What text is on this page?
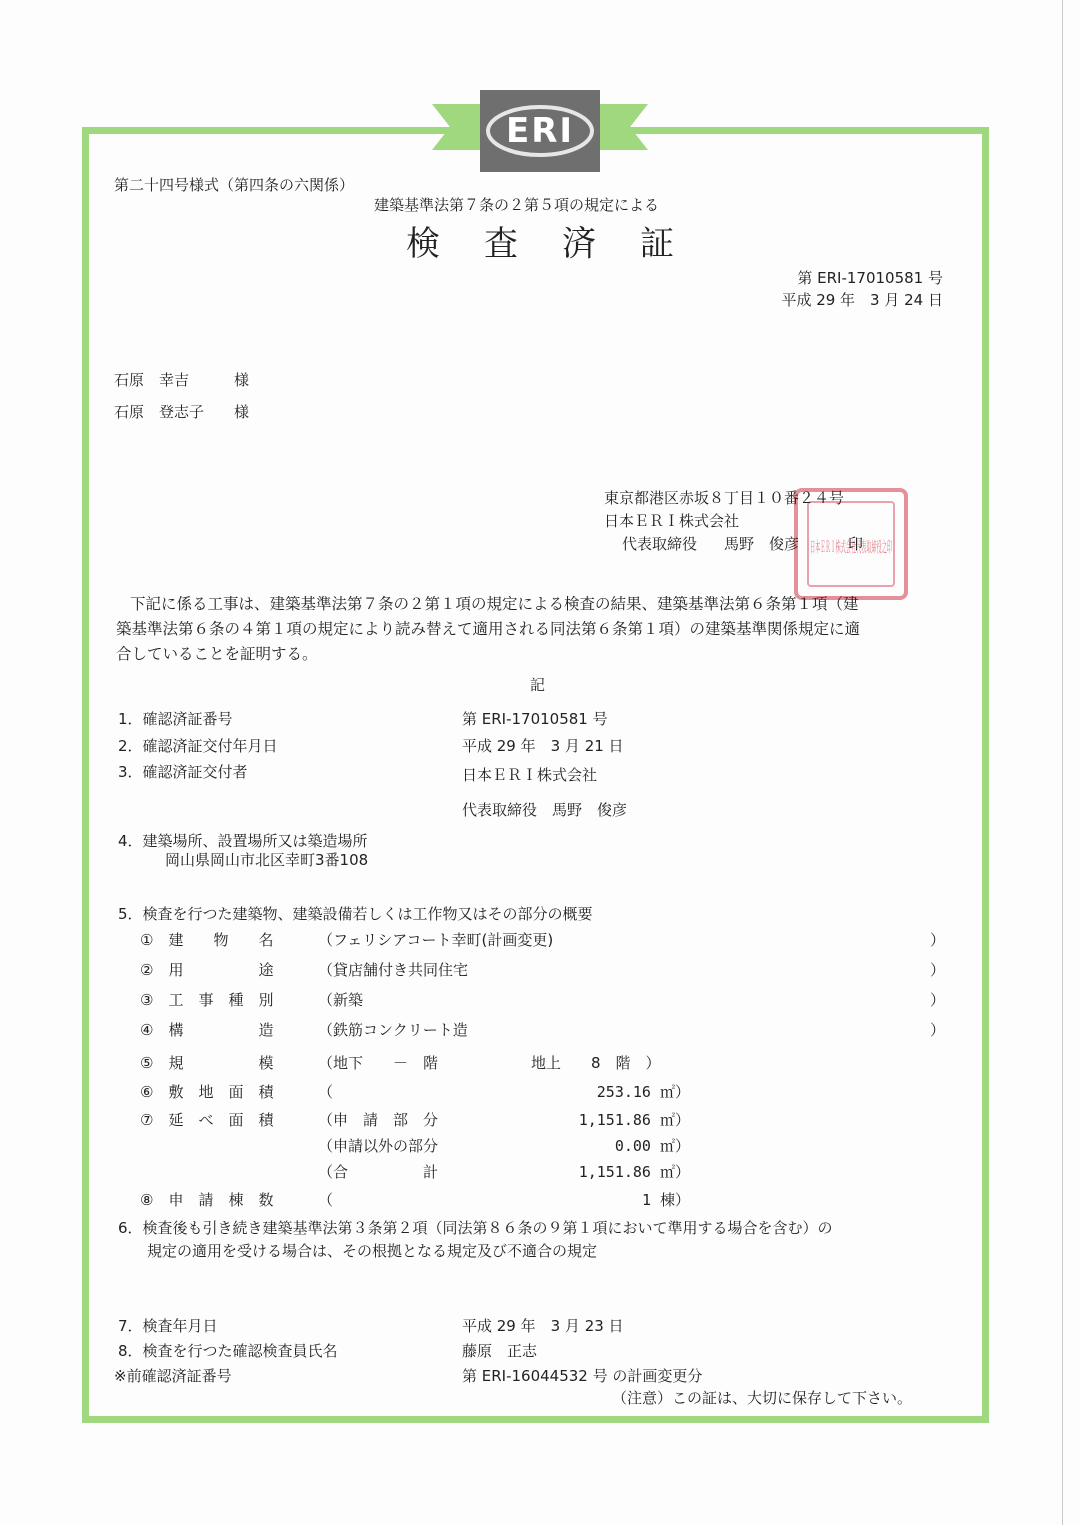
ERI
第二十四号様式（第四条の六関係）
建築基準法第７条の２第５項の規定による
検査済証
第 ERI-17010581 号
平成 29 年　3 月 24 日
石原　幸吉	様
石原　登志子 様
日本ＥＲＩ株式会社代表取締役之印
東京都港区赤坂８丁目１０番２４号
日本ＥＲＩ株式会社
代表取締役 馬野　俊彦	印
下記に係る工事は、建築基準法第７条の２第１項の規定による検査の結果、建築基準法第６条第１項（建
築基準法第６条の４第１項の規定により読み替えて適用される同法第６条第１項）の建築基準関係規定に適
合していることを証明する。
記
1．確認済証番号	第 ERI-17010581 号
2．確認済証交付年月日	平成 29 年　3 月 21 日
3．確認済証交付者	日本ＥＲＩ株式会社
代表取締役　馬野　俊彦
4．建築場所、設置場所又は築造場所
岡山県岡山市北区幸町3番108
5．検査を行つた建築物、建築設備若しくは工作物又はその部分の概要
①　建　　物　　名	（フェリシアコート幸町(計画変更)	）
②　用　　　　　途	（貸店舗付き共同住宅	）
③　工　事　種　別	（新築	）
④　構　　　　　造	（鉄筋コンクリート造	）
⑤　規　　　　　模	（地下　　－　階	地上　　8　階　）
⑥　敷　地　面　積	（	253.16 ㎡）
⑦　延　べ　面　積	（申　請　部　分	1,151.86 ㎡）
（申請以外の部分	0.00 ㎡）
（合　　　　　計	1,151.86 ㎡）
⑧　申　請　棟　数	（	1 棟）
6．検査後も引き続き建築基準法第３条第２項（同法第８６条の９第１項において準用する場合を含む）の
規定の適用を受ける場合は、その根拠となる規定及び不適合の規定
7．検査年月日	平成 29 年　3 月 23 日
8．検査を行つた確認検査員氏名	藤原　正志
※前確認済証番号	第 ERI-16044532 号 の計画変更分
（注意）この証は、大切に保存して下さい。
